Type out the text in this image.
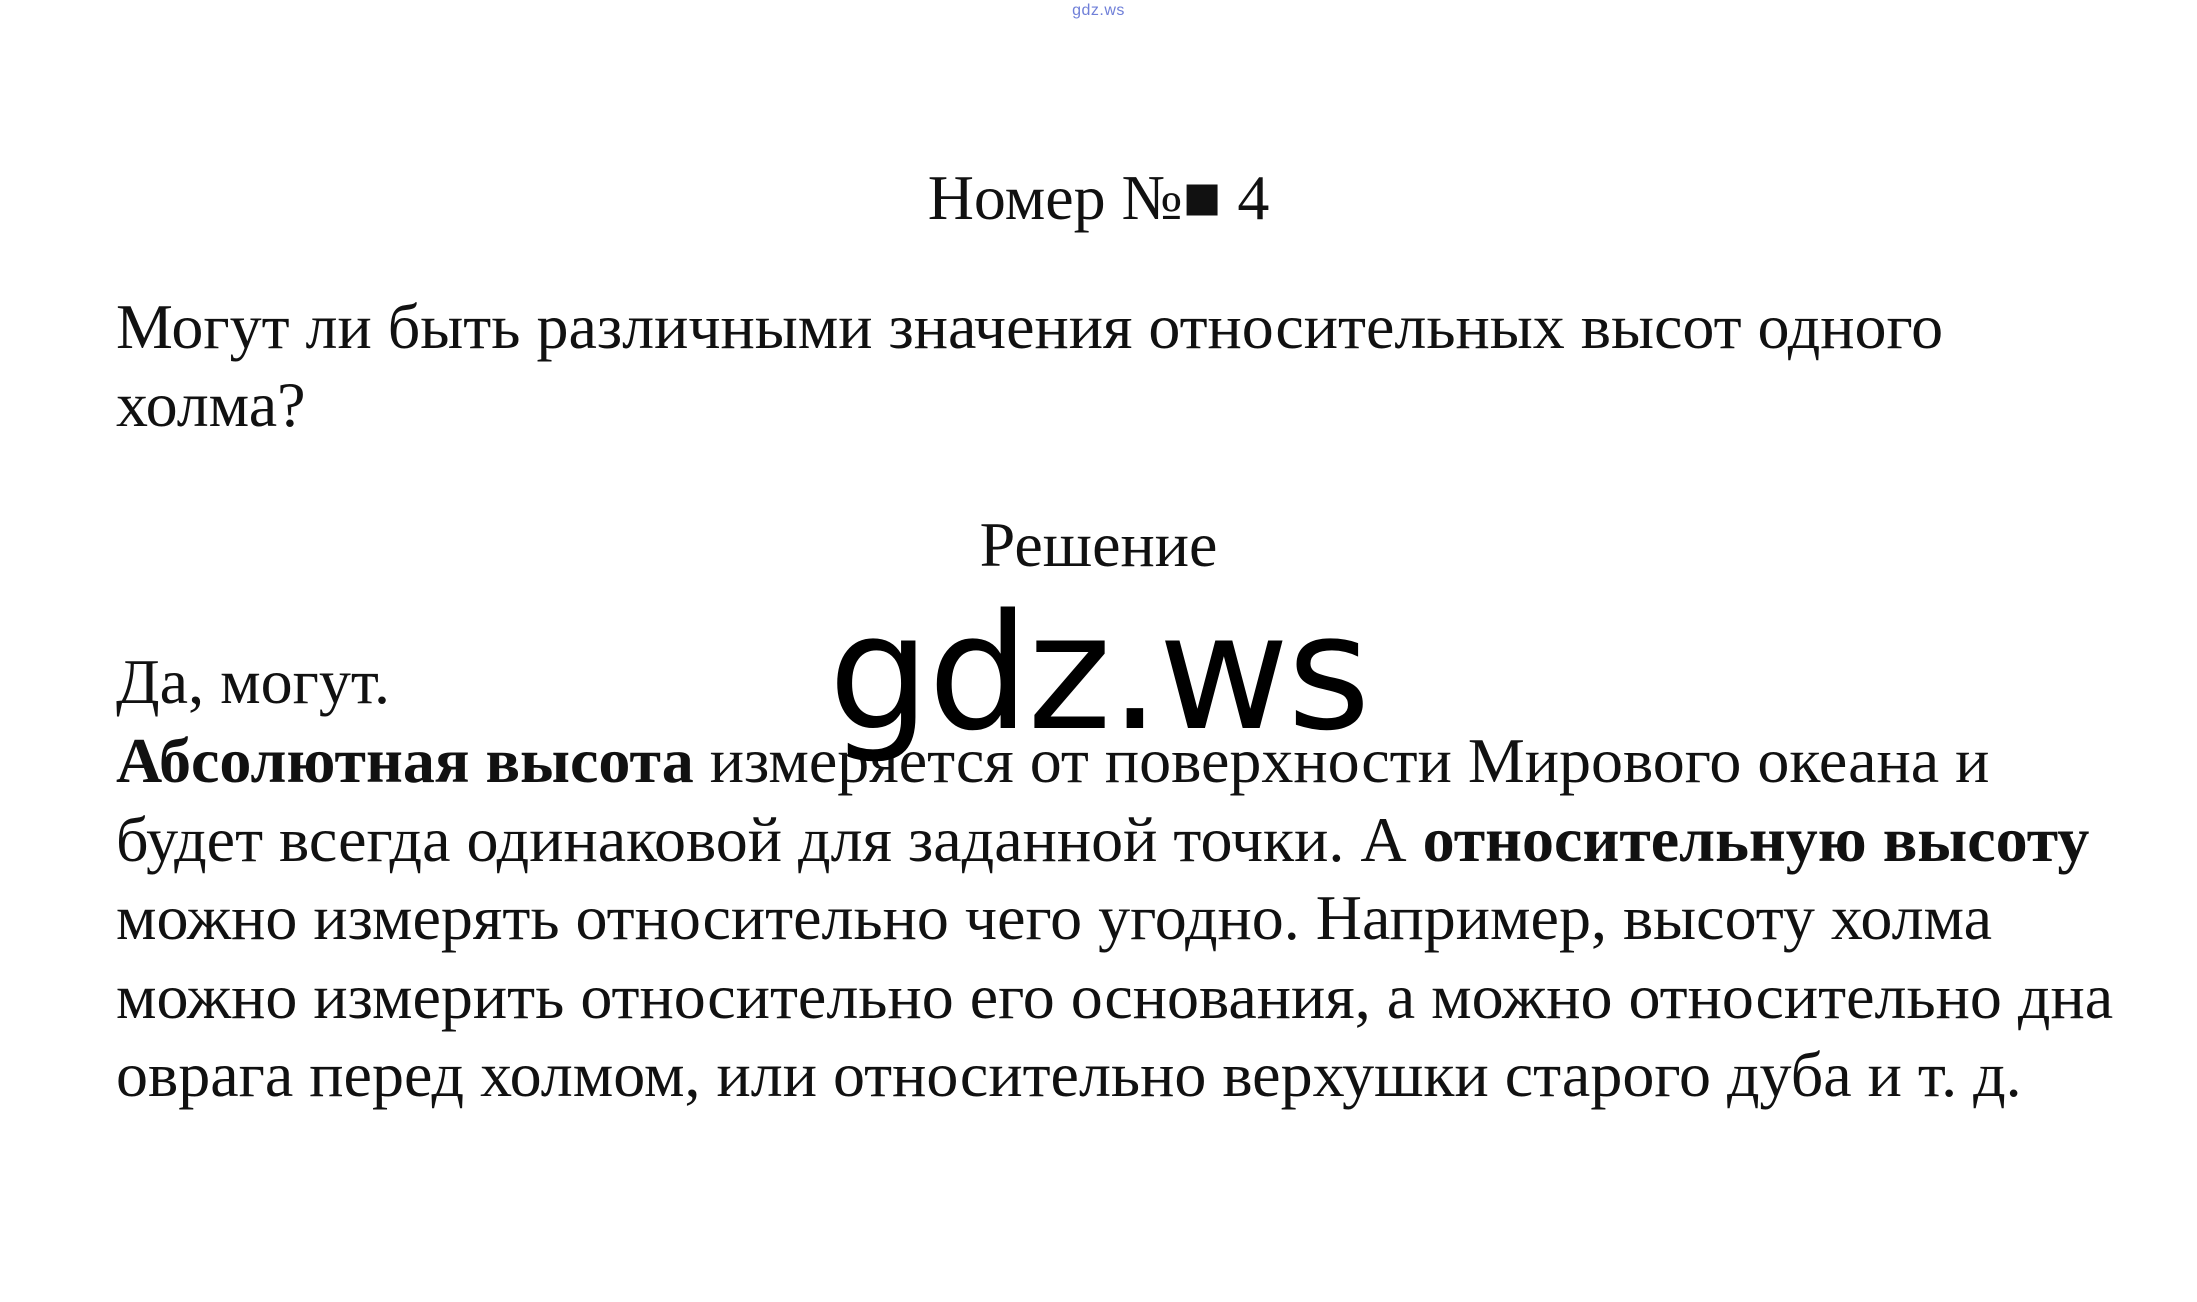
gdz.ws
Номер №■ 4
Могут ли быть различными значения относительных высот одного холма?
Решение
Да, могут.
Абсолютная высота измеряется от поверхности Мирового океана и будет всегда одинаковой для заданной точки. А относительную высоту можно измерять относительно чего угодно. Например, высоту холма можно измерить относительно его основания, а можно относительно дна оврага перед холмом, или относительно верхушки старого дуба и т. д.
gdz.ws
